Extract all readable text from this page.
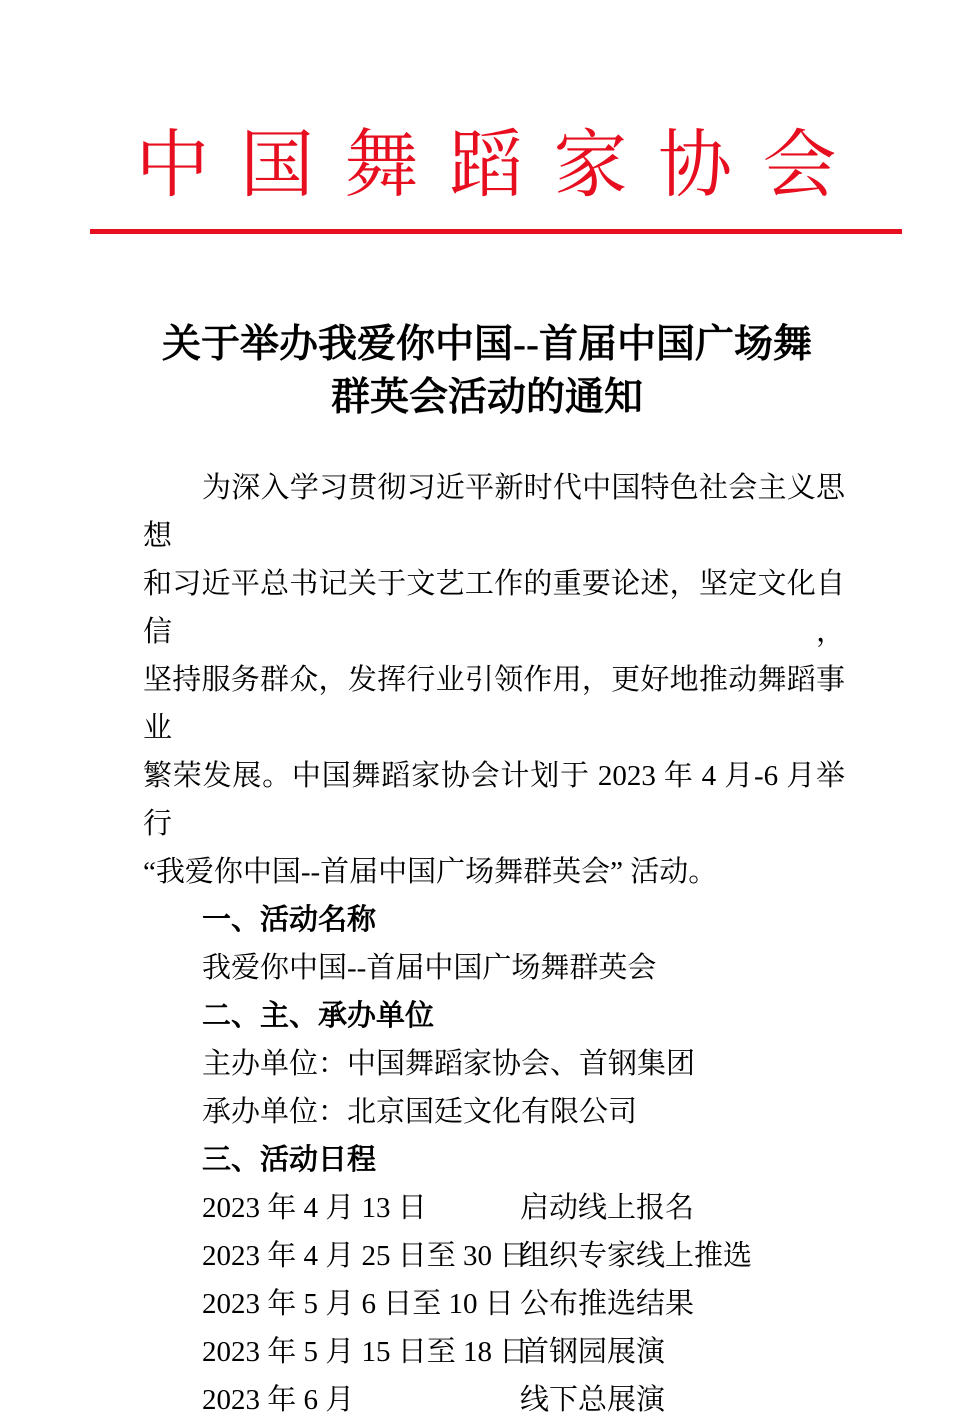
中 国 舞 蹈 家 协 会
关于举办我爱你中国--首届中国广场舞
群英会活动的通知

为深入学习贯彻习近平新时代中国特色社会主义思想
和习近平总书记关于文艺工作的重要论述，坚定文化自信，
坚持服务群众，发挥行业引领作用，更好地推动舞蹈事业
繁荣发展。中国舞蹈家协会计划于 2023 年 4 月-6 月举行
“我爱你中国--首届中国广场舞群英会” 活动。

一、活动名称
我爱你中国--首届中国广场舞群英会
二、主、承办单位
主办单位：中国舞蹈家协会、首钢集团
承办单位：北京国廷文化有限公司
三、活动日程
2023 年 4 月 13 日	启动线上报名
2023 年 4 月 25 日至 30 日
组织专家线上推选
2023 年 5 月 6 日至 10 日 公布推选结果
2023 年 5 月 15 日至 18 日
首钢园展演
2023 年 6 月	线下总展演
